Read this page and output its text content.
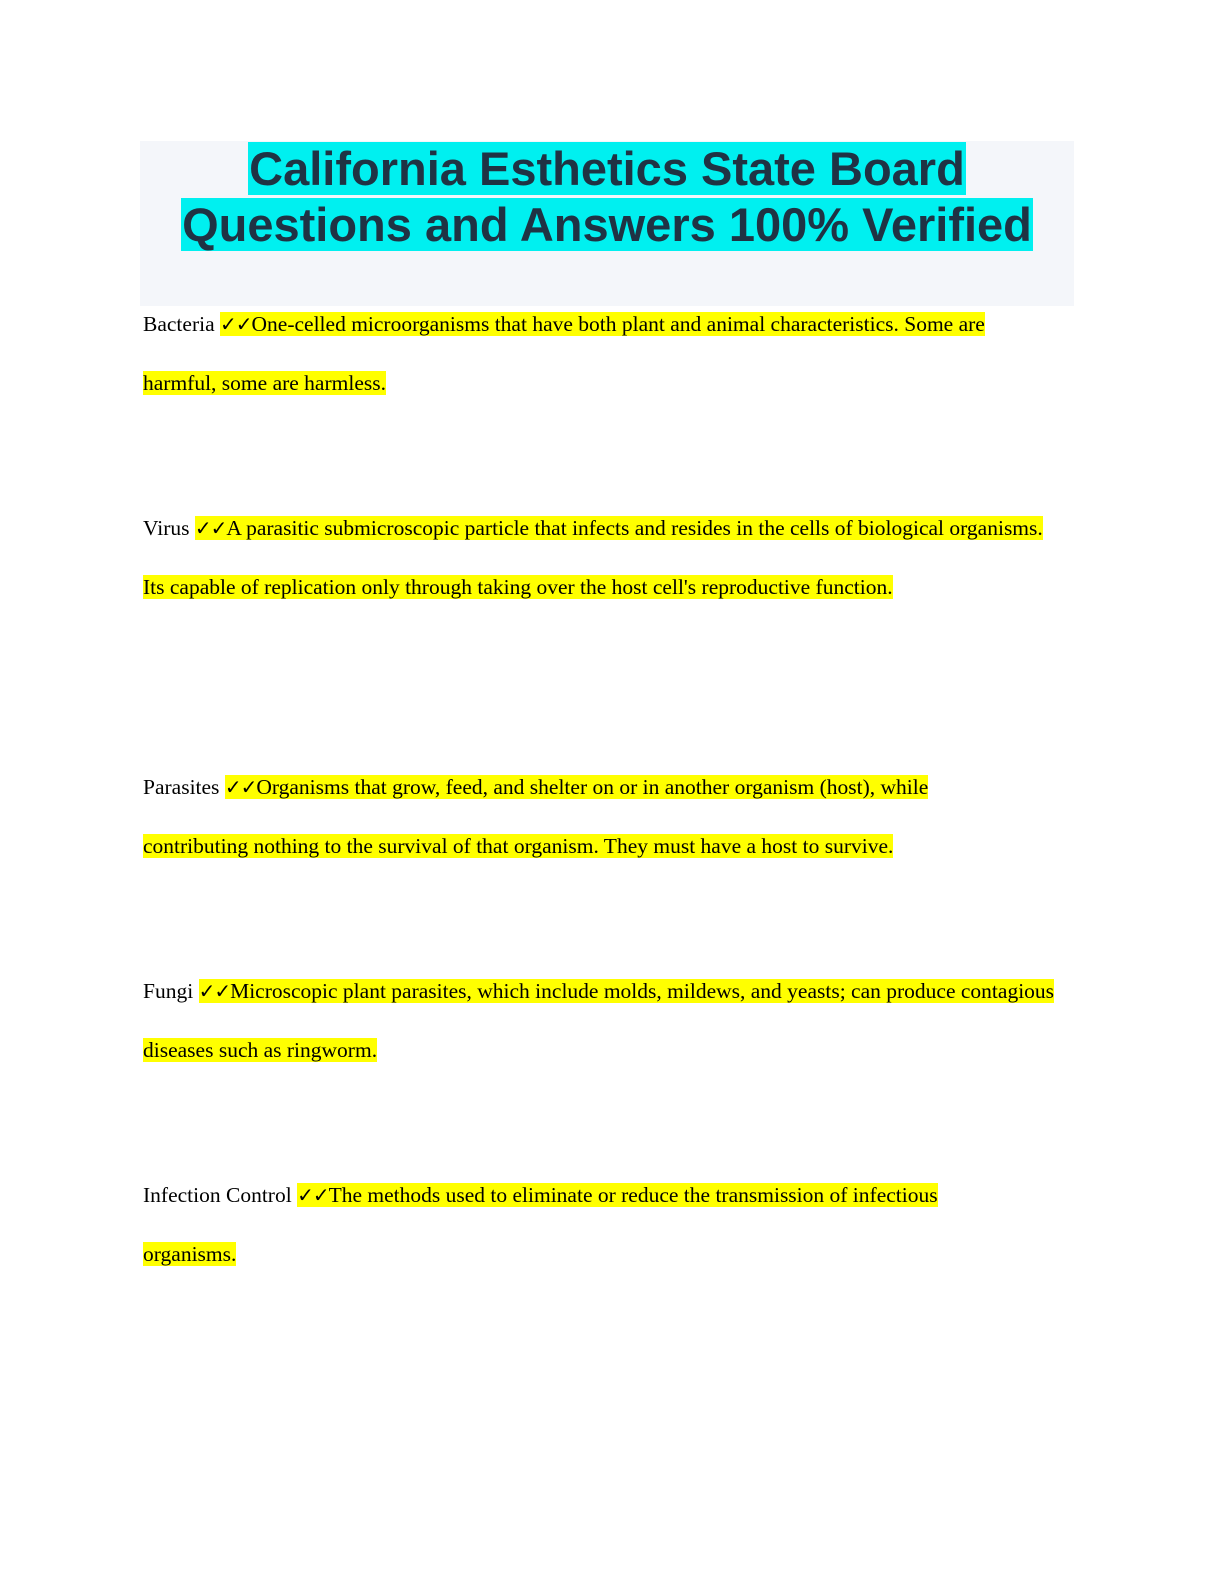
California Esthetics State Board
Questions and Answers 100% Verified

Bacteria ✓✓One-celled microorganisms that have both plant and animal characteristics. Some are harmful, some are harmless.

Virus ✓✓A parasitic submicroscopic particle that infects and resides in the cells of biological organisms. Its capable of replication only through taking over the host cell's reproductive function.

Parasites ✓✓Organisms that grow, feed, and shelter on or in another organism (host), while contributing nothing to the survival of that organism. They must have a host to survive.

Fungi ✓✓Microscopic plant parasites, which include molds, mildews, and yeasts; can produce contagious diseases such as ringworm.

Infection Control ✓✓The methods used to eliminate or reduce the transmission of infectious organisms.
